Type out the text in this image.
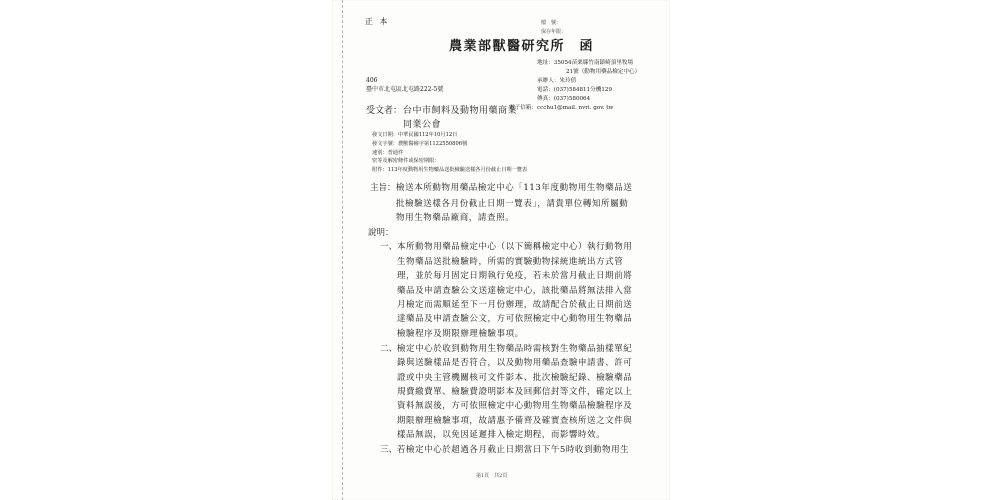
正 本	檔　號：
保存年限：
農業部獸醫研究所　函
地址：35054苗栗縣竹南鎮崎頂里牧場
21號（動物用藥品檢定中心）
承辦人：朱玲倩
電話：(037)584811分機129
傳真：(037)580064
電子信箱：ccchu1@mail. nvri. gov. tw
406
臺中市北屯區北屯路222-5號
受文者： 台中市飼料及動物用藥商業
同業公會
發文日期：中華民國112年10月12日
發文字號：農獸醫檢字第1122550806號
速別：普通件
密等及解密條件或保密期限：
附件：113年度動物用生物藥品送批檢驗送樣各月份截止日期一覽表
主旨： 檢送本所動物用藥品檢定中心「113年度動物用生物藥品送
批檢驗送樣各月份截止日期一覽表」，請貴單位轉知所屬動
物用生物藥品廠商，請查照。
說明：
一、 本所動物用藥品檢定中心（以下簡稱檢定中心）執行動物用
生物藥品送批檢驗時，所需的實驗動物採統進統出方式管
理，並於每月固定日期執行免疫，若未於當月截止日期前將
藥品及申請查驗公文送達檢定中心，該批藥品將無法排入當
月檢定而需順延至下一月份辦理，故請配合於截止日期前送
達藥品及申請查驗公文，方可依照檢定中心動物用生物藥品
檢驗程序及期限辦理檢驗事項。
二、 檢定中心於收到動物用生物藥品時需核對生物藥品抽樣單紀
錄與送驗樣品是否符合，以及動物用藥品查驗申請書、許可
證或中央主管機關核可文件影本、批次檢驗紀錄、檢驗藥品
規費繳費單、檢驗費證明影本及回郵信封等文件，確定以上
資料無誤後，方可依照檢定中心動物用生物藥品檢驗程序及
期限辦理檢驗事項，故請惠予備齊及確實查核所送之文件與
樣品無誤，以免因延遲排入檢定期程，而影響時效。
三、 若檢定中心於超過各月截止日期當日下午5時收到動物用生
第1頁　共2頁
